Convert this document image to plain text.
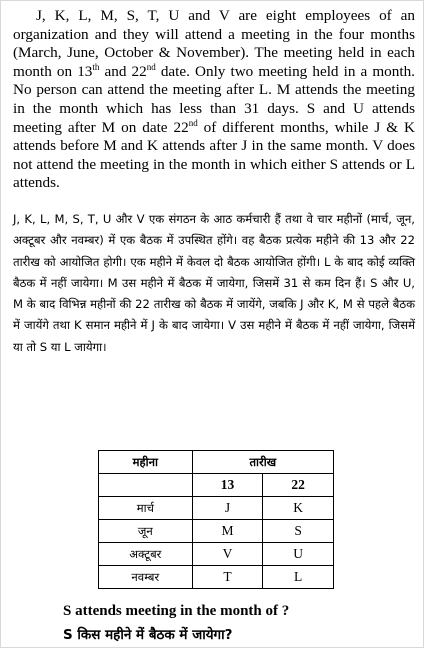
J, K, L, M, S, T, U and V are eight employees of an organization and they will attend a meeting in the four months (March, June, October & November). The meeting held in each month on 13th and 22nd date. Only two meeting held in a month. No person can attend the meeting after L. M attends the meeting in the month which has less than 31 days. S and U attends meeting after M on date 22nd of different months, while J & K attends before M and K attends after J in the same month. V does not attend the meeting in the month in which either S attends or L attends.

J, K, L, M, S, T, U और V एक संगठन के आठ कर्मचारी हैं तथा वे चार महीनों (मार्च, जून, अक्टूबर और नवम्बर) में एक बैठक में उपस्थित होंगे। वह बैठक प्रत्येक महीने की 13 और 22 तारीख को आयोजित होगी। एक महीने में केवल दो बैठक आयोजित होंगी। L के बाद कोई व्यक्ति बैठक में नहीं जायेगा। M उस महीने में बैठक में जायेगा, जिसमें 31 से कम दिन हैं। S और U, M के बाद विभिन्न महीनों की 22 तारीख को बैठक में जायेंगे, जबकि J और K, M से पहले बैठक में जायेंगे तथा K समान महीने में J के बाद जायेगा। V उस महीने में बैठक में नहीं जायेगा, जिसमें या तो S या L जायेगा।

महीना	तारीख	
	13	22
मार्च	J	K
जून	M	S
अक्टूबर	V	U
नवम्बर	T	L

S attends meeting in the month of ?

S किस महीने में बैठक में जायेगा?
